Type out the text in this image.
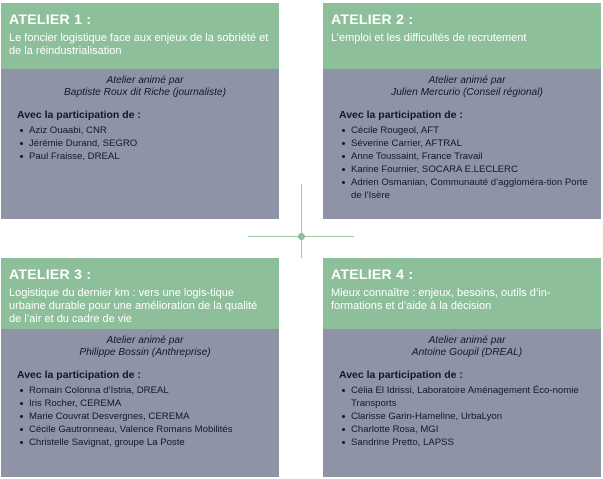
ATELIER 1 :
Le foncier logistique face aux enjeux de la sobriété et de la réindustrialisation
Atelier animé par
Baptiste Roux dit Riche (journaliste)
Avec la participation de :
Aziz Ouaabi, CNR
Jérémie Durand, SEGRO
Paul Fraisse, DREAL
ATELIER 2 :
L’emploi et les difficultés de recrutement
Atelier animé par
Julien Mercurio (Conseil régional)
Avec la participation de :
Cécile Rougeol, AFT
Séverine Carrier, AFTRAL
Anne Toussaint, France Travail
Karine Fournier, SOCARA E.LECLERC
Adrien Osmanian, Communauté d’aggloméra-tion Porte de l’Isère
ATELIER 3 :
Logistique du dernier km : vers une logis-tique urbaine durable pour une amélioration de la qualité de l’air et du cadre de vie
Atelier animé par
Philippe Bossin (Anthreprise)
Avec la participation de :
Romain Colonna d’Istria, DREAL
Iris Rocher, CEREMA
Marie Couvrat Desvergnes, CEREMA
Cécile Gautronneau, Valence Romans Mobilités
Christelle Savignat, groupe La Poste
ATELIER 4 :
Mieux connaître : enjeux, besoins, outils d’in-formations et d’aide à la décision
Atelier animé par
Antoine Goupil (DREAL)
Avec la participation de :
Célia El Idrissi, Laboratoire Aménagement Éco-nomie Transports
Clarisse Garin-Hameline, UrbaLyon
Charlotte Rosa, MGI
Sandrine Pretto, LAPSS
